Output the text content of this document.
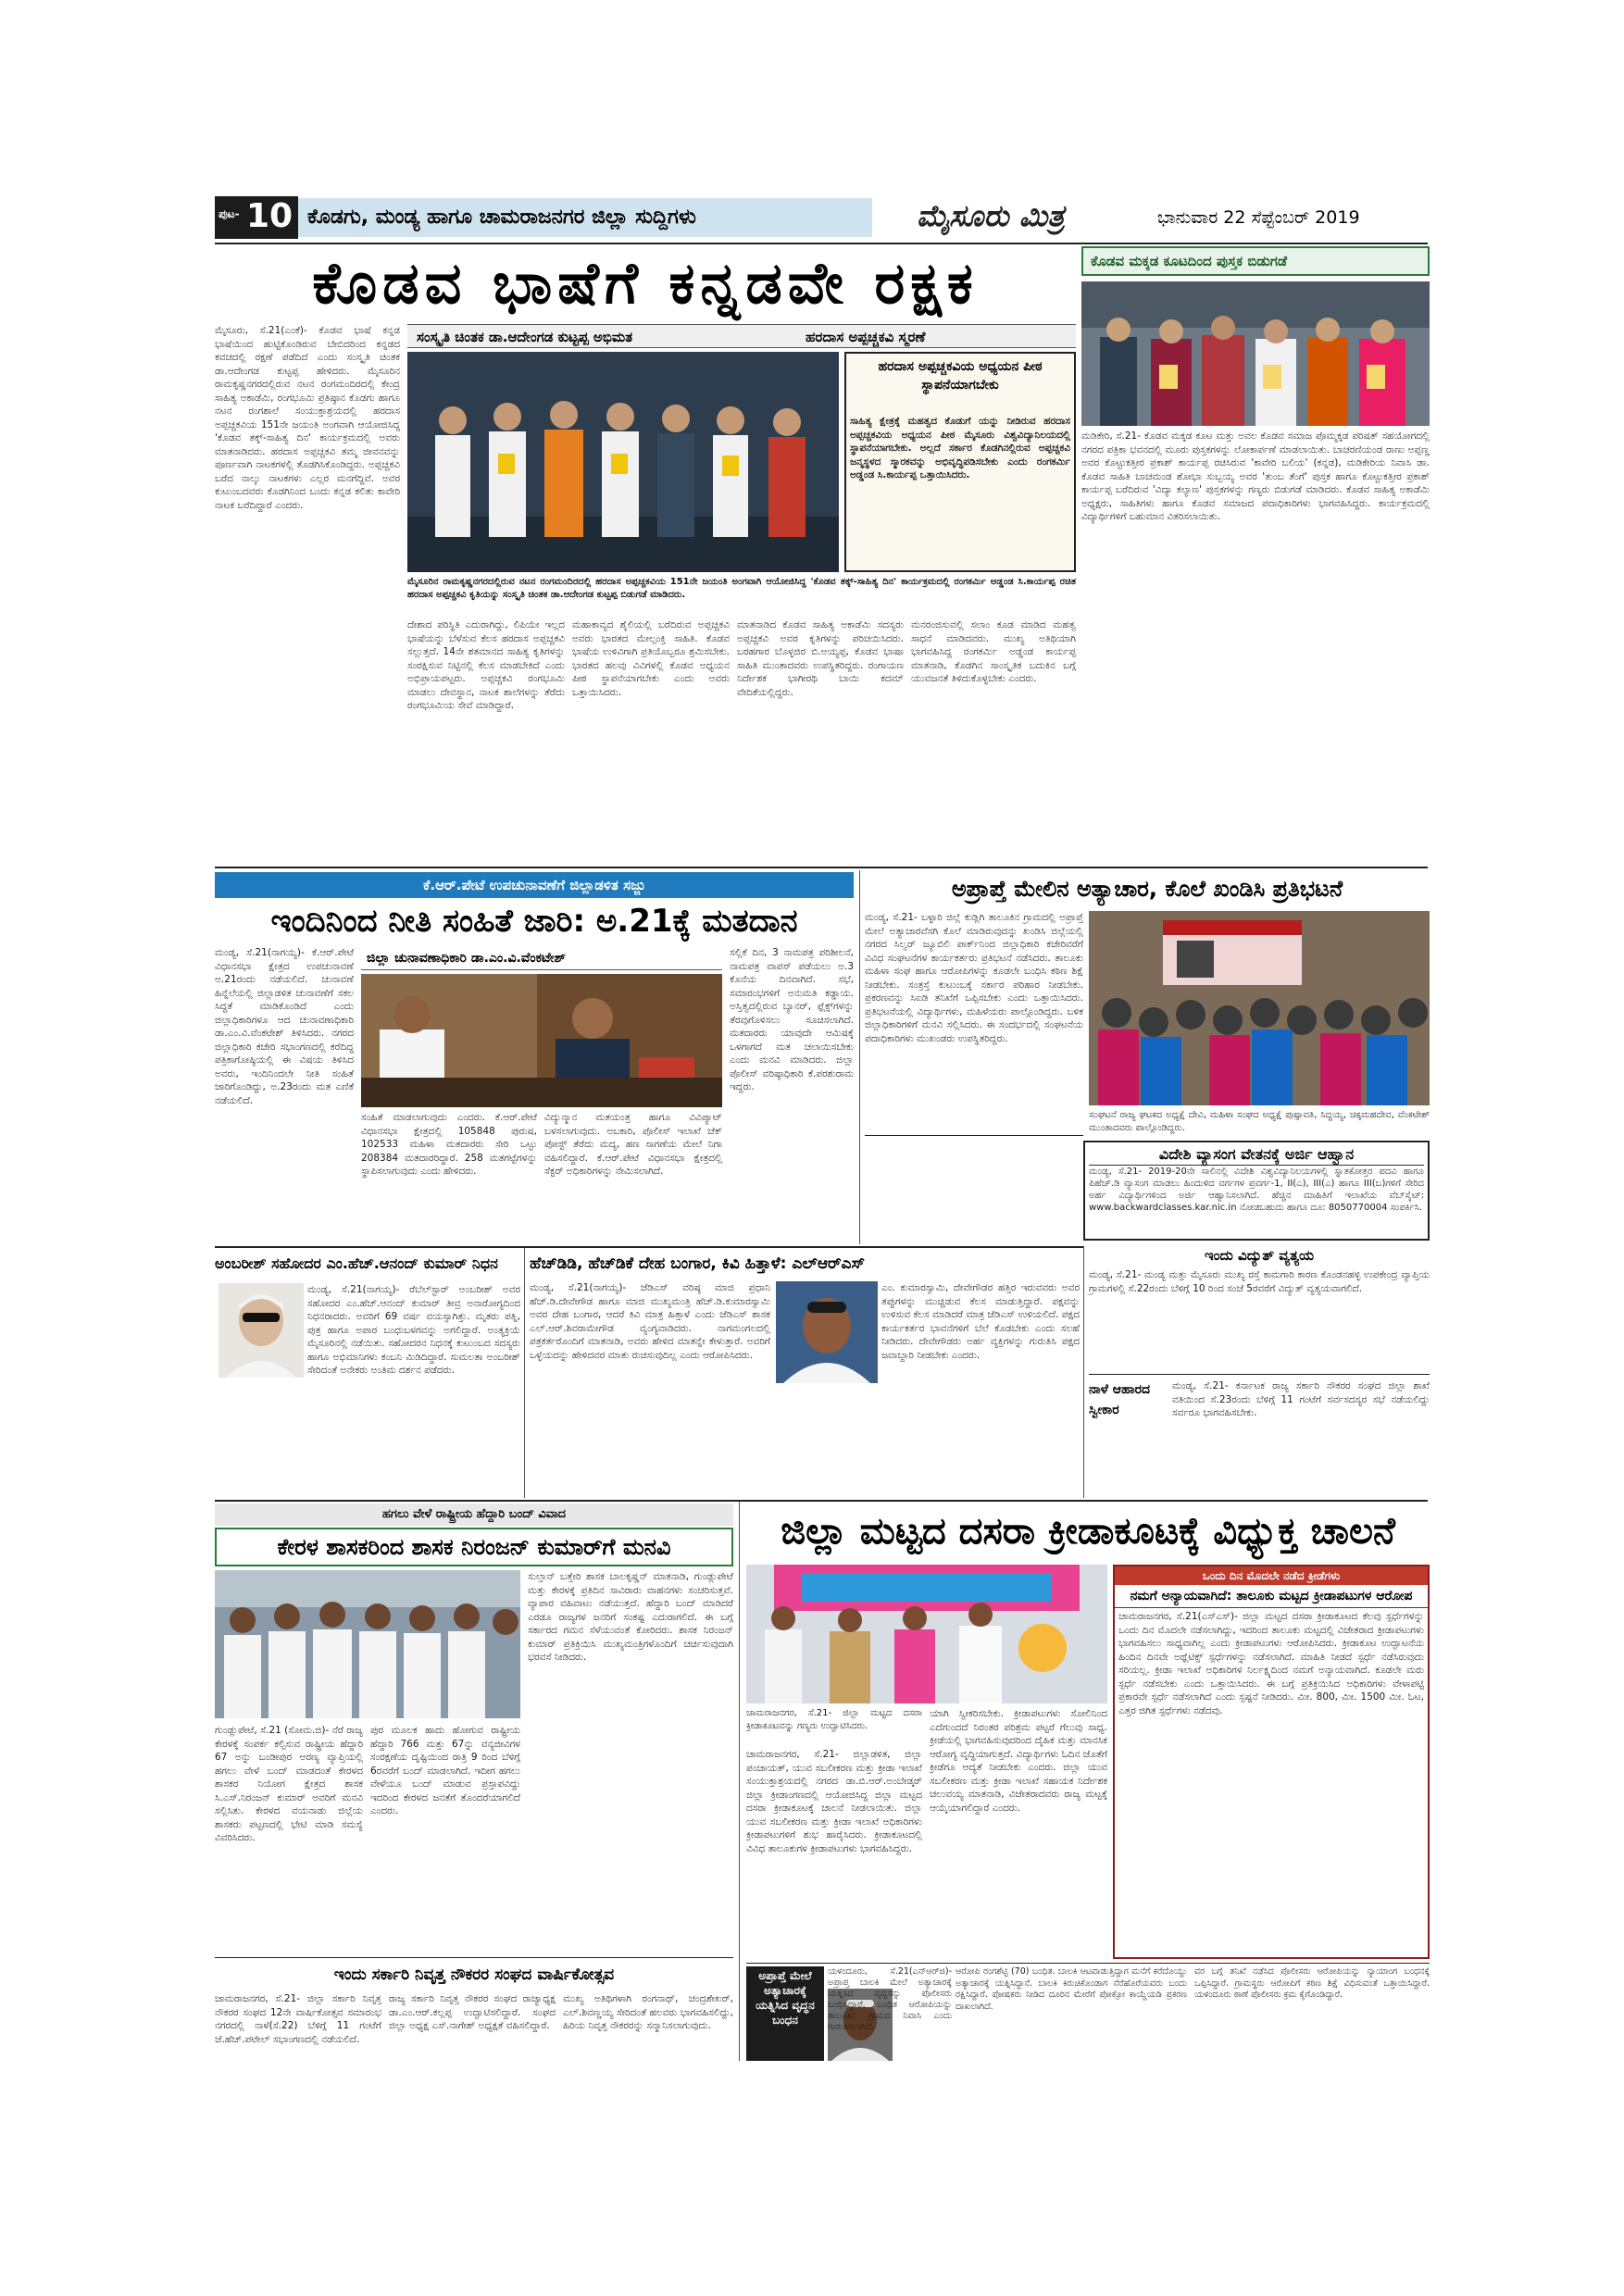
ಪುಟ- 10 ಕೊಡಗು, ಮಂಡ್ಯ ಹಾಗೂ ಚಾಮರಾಜನಗರ ಜಿಲ್ಲಾ ಸುದ್ದಿಗಳು	ಮೈಸೂರು ಮಿತ್ರ	ಭಾನುವಾರ 22 ಸೆಪ್ಟೆಂಬರ್ 2019
ಕೊಡವ ಭಾಷೆಗೆ ಕನ್ನಡವೇ ರಕ್ಷಕ	ಕೊಡವ ಮಕ್ಕಡ ಕೂಟದಿಂದ ಪುಸ್ತಕ ಬಿಡುಗಡೆ
ಮಡಿಕೇರಿ, ಸೆ.21- ಕೊಡವ ಮಕ್ಕಡ ಕೂಟ ಮತ್ತು ಅವಲ ಕೊಡವ ಸಮಾಜ ಪೊಮ್ಮಕ್ಕಡ ಪರಿಷತ್ ಸಹಯೋಗದಲ್ಲಿ ನಗರದ ಪತ್ರಿಕಾ ಭವನದಲ್ಲಿ ಮೂರು ಪುಸ್ತಕಗಳನ್ನು ಲೋಕಾರ್ಪಣೆ ಮಾಡಲಾಯಿತು. ಬಾಚರಣಿಯಂಡ ರಾಣು ಅಪ್ಪಣ್ಣ ಅವರ ಕೊಟ್ಟುಕತ್ತೀರ ಪ್ರಕಾಶ್ ಕಾರ್ಯಪ್ಪ ರಚಿಸಿರುವ 'ಕಾವೇರಿ ಬಲಿಯ' (ಕನ್ನಡ), ಮಡಿಕೇರಿಯ ನಿವಾಸಿ ಡಾ. ಕೊಡವ ಸಾಹಿತಿ ಬಾಚಮಂಡ ಶೋಭಾ ಸುಬ್ಬಯ್ಯ ಅವರ 'ತುಂಬ ತೆಂಗೆ' ಪುಸ್ತಕ ಹಾಗೂ ಕೊಟ್ಟುಕತ್ತೀರ ಪ್ರಕಾಶ್ ಕಾರ್ಯಪ್ಪ ಬರೆದಿರುವ 'ವಿದ್ಯಾ ಕಲ್ಯಾಣ' ಪುಸ್ತಕಗಳನ್ನು ಗಣ್ಯರು ಬಿಡುಗಡೆ ಮಾಡಿದರು. ಕೊಡವ ಸಾಹಿತ್ಯ ಅಕಾಡೆಮಿ ಅಧ್ಯಕ್ಷರು, ಸಾಹಿತಿಗಳು ಹಾಗೂ ಕೊಡವ ಸಮಾಜದ ಪದಾಧಿಕಾರಿಗಳು ಭಾಗವಹಿಸಿದ್ದರು. ಕಾರ್ಯಕ್ರಮದಲ್ಲಿ ವಿದ್ಯಾರ್ಥಿಗಳಿಗೆ ಬಹುಮಾನ ವಿತರಿಸಲಾಯಿತು.
ಸಂಸ್ಕೃತಿ ಚಿಂತಕ ಡಾ.ಆದೇಂಗಡ ಕುಟ್ಟಪ್ಪ ಅಭಿಮತ	ಹರದಾಸ ಅಪ್ಪಚ್ಚಕವಿ ಸ್ಮರಣೆ
ಮೈಸೂರು, ಸೆ.21(ಎಂಕೆ)- ಕೊಡವ ಭಾಷೆ ಕನ್ನಡ ಭಾಷೆಯಿಂದ ಹುಟ್ಟಿಕೊಂಡಿರುವ ಬೇಬಿದರಿಂದ ಕನ್ನಡದ ಕವಚದಲ್ಲಿ ರಕ್ಷಣೆ ಪಡೆದಿದೆ ಎಂದು ಸಂಸ್ಕೃತಿ ಚಿಂತಕ ಡಾ.ಆದೇಂಗಡ ಕುಟ್ಟಪ್ಪ ಹೇಳಿದರು. ಮೈಸೂರಿನ ರಾಮಕೃಷ್ಣನಗರದಲ್ಲಿರುವ ನಟನ ರಂಗಮಂದಿರದಲ್ಲಿ ಕೇಂದ್ರ ಸಾಹಿತ್ಯ ಅಕಾಡೆಮಿ, ರಂಗಭೂಮಿ ಪ್ರತಿಷ್ಠಾನ ಕೊಡಗು ಹಾಗೂ ನಟನ ರಂಗಶಾಲೆ ಸಂಯುಕ್ತಾಶ್ರಯದಲ್ಲಿ ಹರದಾಸ ಅಪ್ಪಚ್ಚಕವಿಯ 151ನೇ ಜಯಂತಿ ಅಂಗವಾಗಿ ಆಯೋಜಿಸಿದ್ದ 'ಕೊಡವ ತಕ್ಕ್-ಸಾಹಿತ್ಯ ದಿನ' ಕಾರ್ಯಕ್ರಮದಲ್ಲಿ ಅವರು ಮಾತನಾಡಿದರು. ಹರದಾಸ ಅಪ್ಪಚ್ಚಕವಿ ತಮ್ಮ ಜೀವನವನ್ನು ಪೂರ್ಣವಾಗಿ ನಾಟಕಗಳಲ್ಲಿ ತೊಡಗಿಸಿಕೊಂಡಿದ್ದರು. ಅಪ್ಪಚ್ಚಕವಿ ಬರೆದ ನಾಲ್ಕು ನಾಟಕಗಳು ಎಲ್ಲರ ಮನಗೆದ್ದಿವೆ. ಅವರ ಕುಟುಂಬದವರು ಕೊಡಗಿನಿಂದ ಬಂದು ಕನ್ನಡ ಕಲಿತು ಕಾವೇರಿ ನಾಟಕ ಬರೆದಿದ್ದಾರೆ ಎಂದರು.
ಹರದಾಸ ಅಪ್ಪಚ್ಚಕವಿಯ ಅಧ್ಯಯನ ಪೀಠ ಸ್ಥಾಪನೆಯಾಗಬೇಕು
ಸಾಹಿತ್ಯ ಕ್ಷೇತ್ರಕ್ಕೆ ಮಹತ್ವದ ಕೊಡುಗೆ ಯನ್ನು ನೀಡಿರುವ ಹರದಾಸ ಅಪ್ಪಚ್ಚಕವಿಯ ಅಧ್ಯಯನ ಪೀಠ ಮೈಸೂರು ವಿಶ್ವವಿದ್ಯಾನಿಲಯದಲ್ಲಿ ಸ್ಥಾಪನೆಯಾಗಬೇಕು. ಅಲ್ಲದೆ ಸರ್ಕಾರ ಕೊಡಗಿನಲ್ಲಿರುವ ಅಪ್ಪಚ್ಚಕವಿ ಜನ್ಮಸ್ಥಳದ ಸ್ಮಾರಕವನ್ನು ಅಭಿವೃದ್ಧಿಪಡಿಸಬೇಕು ಎಂದು ರಂಗಕರ್ಮಿ ಅಡ್ಡಂಡ ಸಿ.ಕಾರ್ಯಪ್ಪ ಒತ್ತಾಯಿಸಿದರು.
ಮೈಸೂರಿನ ರಾಮಕೃಷ್ಣನಗರದಲ್ಲಿರುವ ನಟನ ರಂಗಮಂದಿರದಲ್ಲಿ ಹರದಾಸ ಅಪ್ಪಚ್ಚಕವಿಯ 151ನೇ ಜಯಂತಿ ಅಂಗವಾಗಿ ಆಯೋಜಿಸಿದ್ದ 'ಕೊಡವ ತಕ್ಕ್-ಸಾಹಿತ್ಯ ದಿನ' ಕಾರ್ಯಕ್ರಮದಲ್ಲಿ ರಂಗಕರ್ಮಿ ಅಡ್ಡಂಡ ಸಿ.ಕಾರ್ಯಪ್ಪ ರಚಿತ ಹರದಾಸ ಅಪ್ಪಚ್ಚಕವಿ ಕೃತಿಯನ್ನು ಸಂಸ್ಕೃತಿ ಚಿಂತಕ ಡಾ.ಆದೇಂಗಡ ಕುಟ್ಟಪ್ಪ ಬಿಡುಗಡೆ ಮಾಡಿದರು.
ದೇಶಾದ ಪರಿಸ್ಥಿತಿ ಎದುರಾಗಿದ್ದು, ಲಿಪಿಯೇ ಇಲ್ಲದ ಭಾಷೆಯನ್ನು ಬೆಳೆಸುವ ಕೆಲಸ ಹರದಾಸ ಅಪ್ಪಚ್ಚಕವಿ ಸಲ್ಲುತ್ತದೆ. 14ನೇ ಶತಮಾನದ ಸಾಹಿತ್ಯ ಕೃತಿಗಳನ್ನು ಸಂರಕ್ಷಿಸುವ ನಿಟ್ಟಿನಲ್ಲಿ ಕೆಲಸ ಮಾಡಬೇಕಿದೆ ಎಂದು ಅಭಿಪ್ರಾಯಪಟ್ಟರು. ಅಪ್ಪಚ್ಚಕವಿ ರಂಗಭೂಮಿ ಮಾಡಲು ದೇವಸ್ಥಾನ, ನಾಟಕ ಶಾಲೆಗಳನ್ನು ತೆರೆದು ರಂಗಭೂಮಿಯ ಸೇವೆ ಮಾಡಿದ್ದಾರೆ.
ಮಹಾಕಾವ್ಯದ ಶೈಲಿಯಲ್ಲಿ ಬರೆದಿರುವ ಅಪ್ಪಚ್ಚಕವಿ ಅವರು ಭಾರತದ ಮೇಲ್ಪಂಕ್ತಿ ಸಾಹಿತಿ. ಕೊಡವ ಭಾಷೆಯ ಉಳಿವಿಗಾಗಿ ಪ್ರತಿಯೊಬ್ಬರೂ ಶ್ರಮಿಸಬೇಕು. ಭಾರತದ ಹಲವು ವಿವಿಗಳಲ್ಲಿ ಕೊಡವ ಅಧ್ಯಯನ ಪೀಠ ಸ್ಥಾಪನೆಯಾಗಬೇಕು ಎಂದು ಅವರು ಒತ್ತಾಯಿಸಿದರು.
ಮಾತನಾಡಿದ ಕೊಡವ ಸಾಹಿತ್ಯ ಅಕಾಡೆಮಿ ಸದಸ್ಯರು ಅಪ್ಪಚ್ಚಕವಿ ಅವರ ಕೃತಿಗಳನ್ನು ಪರಿಚಯಿಸಿದರು. ಬರಹಗಾರ ಬೊಳ್ಳಜಿರ ಬಿ.ಅಯ್ಯಪ್ಪ, ಕೊಡವ ಭಾಷಾ ಸಾಹಿತಿ ಮುಂತಾದವರು ಉಪಸ್ಥಿತರಿದ್ದರು. ರಂಗಾಯಣ ನಿರ್ದೇಶಕ ಭಾಗೀರಥಿ ಬಾಯಿ ಕದಮ್ ವೇದಿಕೆಯಲ್ಲಿದ್ದರು.
ಮನರಂಜಿಸುವಲ್ಲಿ ಸಲಾಂ ಕೂಡ ಮಾಡಿದ ಮಹತ್ವ ಸಾಧನೆ ಮಾಡಿದವರು. ಮುಖ್ಯ ಅತಿಥಿಯಾಗಿ ಭಾಗವಹಿಸಿದ್ದ ರಂಗಕರ್ಮಿ ಅಡ್ಡಂಡ ಕಾರ್ಯಪ್ಪ ಮಾತನಾಡಿ, ಕೊಡಗಿನ ಸಾಂಸ್ಕೃತಿಕ ಬದುಕಿನ ಬಗ್ಗೆ ಯುವಜನತೆ ತಿಳಿದುಕೊಳ್ಳಬೇಕು ಎಂದರು.
ಕೆ.ಆರ್.ಪೇಟೆ ಉಪಚುನಾವಣೆಗೆ ಜಿಲ್ಲಾಡಳಿತ ಸಜ್ಜು
ಇಂದಿನಿಂದ ನೀತಿ ಸಂಹಿತೆ ಜಾರಿ: ಅ.21ಕ್ಕೆ ಮತದಾನ
ಮಂಡ್ಯ, ಸೆ.21(ನಾಗಯ್ಯ)- ಕೆ.ಆರ್.ಪೇಟೆ ವಿಧಾನಸಭಾ ಕ್ಷೇತ್ರದ ಉಪಚುನಾವಣೆ ಅ.21ರಂದು ನಡೆಯಲಿದೆ. ಚುನಾವಣೆ ಹಿನ್ನೆಲೆಯಲ್ಲಿ ಜಿಲ್ಲಾಡಳಿತ ಚುನಾವಣೆಗೆ ಸಕಲ ಸಿದ್ಧತೆ ಮಾಡಿಕೊಂಡಿದೆ ಎಂದು ಜಿಲ್ಲಾಧಿಕಾರಿಗಳೂ ಆದ ಚುನಾವಣಾಧಿಕಾರಿ ಡಾ.ಎಂ.ವಿ.ವೆಂಕಟೇಶ್ ತಿಳಿಸಿದರು. ನಗರದ ಜಿಲ್ಲಾಧಿಕಾರಿ ಕಚೇರಿ ಸಭಾಂಗಣದಲ್ಲಿ ಕರೆದಿದ್ದ ಪತ್ರಿಕಾಗೋಷ್ಠಿಯಲ್ಲಿ ಈ ವಿಷಯ ತಿಳಿಸಿದ ಅವರು, ಇಂದಿನಿಂದಲೇ ನೀತಿ ಸಂಹಿತೆ ಜಾರಿಗೊಂಡಿದ್ದು, ಅ.23ರಂದು ಮತ ಎಣಿಕೆ ನಡೆಯಲಿದೆ.
ಜಿಲ್ಲಾ ಚುನಾವಣಾಧಿಕಾರಿ ಡಾ.ಎಂ.ವಿ.ವೆಂಕಟೇಶ್
ಸಂಹಿತೆ ಮಾಡಲಾಗುವುದು ಎಂದರು. ಕೆ.ಆರ್.ಪೇಟೆ ವಿಧಾನಸಭಾ ಕ್ಷೇತ್ರದಲ್ಲಿ 105848 ಪುರುಷ, 102533 ಮಹಿಳಾ ಮತದಾರರು ಸೇರಿ ಒಟ್ಟು 208384 ಮತದಾರರಿದ್ದಾರೆ. 258 ಮತಗಟ್ಟೆಗಳನ್ನು ಸ್ಥಾಪಿಸಲಾಗುವುದು ಎಂದು ಹೇಳಿದರು.
ವಿದ್ಯುನ್ಮಾನ ಮತಯಂತ್ರ ಹಾಗೂ ವಿವಿಪ್ಯಾಟ್ ಬಳಸಲಾಗುವುದು. ಅಬಕಾರಿ, ಪೊಲೀಸ್ ಇಲಾಖೆ ಚೆಕ್ ಪೋಸ್ಟ್ ತೆರೆದು ಮದ್ಯ, ಹಣ ಸಾಗಣೆಯ ಮೇಲೆ ನಿಗಾ ವಹಿಸಲಿದ್ದಾರೆ. ಕೆ.ಆರ್.ಪೇಟೆ ವಿಧಾನಸಭಾ ಕ್ಷೇತ್ರದಲ್ಲಿ ಸೆಕ್ಟರ್ ಅಧಿಕಾರಿಗಳನ್ನು ನೇಮಿಸಲಾಗಿದೆ.
ಸಲ್ಲಿಕೆ ದಿನ, 3 ನಾಮಪತ್ರ ಪರಿಶೀಲನೆ, ನಾಮಪತ್ರ ವಾಪಸ್ ಪಡೆಯಲು ಅ.3 ಕೊನೆಯ ದಿನವಾಗಿದೆ. ಸಭೆ, ಸಮಾರಂಭಗಳಿಗೆ ಅನುಮತಿ ಕಡ್ಡಾಯ. ಅಸ್ತಿತ್ವದಲ್ಲಿರುವ ಬ್ಯಾನರ್, ಫ್ಲೆಕ್ಸ್‌ಗಳನ್ನು ತೆರವುಗೊಳಿಸಲು ಸೂಚಿಸಲಾಗಿದೆ. ಮತದಾರರು ಯಾವುದೇ ಆಮಿಷಕ್ಕೆ ಒಳಗಾಗದೆ ಮತ ಚಲಾಯಿಸಬೇಕು ಎಂದು ಮನವಿ ಮಾಡಿದರು. ಜಿಲ್ಲಾ ಪೊಲೀಸ್ ವರಿಷ್ಠಾಧಿಕಾರಿ ಕೆ.ಪರಶುರಾಮ ಇದ್ದರು.
ಅಪ್ರಾಪ್ತೆ ಮೇಲಿನ ಅತ್ಯಾಚಾರ, ಕೊಲೆ ಖಂಡಿಸಿ ಪ್ರತಿಭಟನೆ
ಮಂಡ್ಯ, ಸೆ.21- ಬಳ್ಳಾರಿ ಜಿಲ್ಲೆ ಕುಡ್ಲಿಗಿ ತಾಲೂಕಿನ ಗ್ರಾಮದಲ್ಲಿ ಅಪ್ರಾಪ್ತೆ ಮೇಲೆ ಅತ್ಯಾಚಾರವೆಸಗಿ ಕೊಲೆ ಮಾಡಿರುವುದನ್ನು ಖಂಡಿಸಿ ಜಿಲ್ಲೆಯಲ್ಲಿ ನಗರದ ಸಿಲ್ವರ್ ಜ್ಯೂಬಿಲಿ ಪಾರ್ಕ್‌ನಿಂದ ಜಿಲ್ಲಾಧಿಕಾರಿ ಕಚೇರಿವರೆಗೆ ವಿವಿಧ ಸಂಘಟನೆಗಳ ಕಾರ್ಯಕರ್ತರು ಪ್ರತಿಭಟನೆ ನಡೆಸಿದರು. ತಾಲೂಕು ಮಹಿಳಾ ಸಂಘ ಹಾಗೂ ಆರೋಪಿಗಳನ್ನು ಕೂಡಲೇ ಬಂಧಿಸಿ ಕಠಿಣ ಶಿಕ್ಷೆ ನೀಡಬೇಕು. ಸಂತ್ರಸ್ತೆ ಕುಟುಂಬಕ್ಕೆ ಸರ್ಕಾರ ಪರಿಹಾರ ನೀಡಬೇಕು. ಪ್ರಕರಣವನ್ನು ಸಿಐಡಿ ತನಿಖೆಗೆ ಒಪ್ಪಿಸಬೇಕು ಎಂದು ಒತ್ತಾಯಿಸಿದರು. ಪ್ರತಿಭಟನೆಯಲ್ಲಿ ವಿದ್ಯಾರ್ಥಿಗಳು, ಮಹಿಳೆಯರು ಪಾಲ್ಗೊಂಡಿದ್ದರು. ಬಳಿಕ ಜಿಲ್ಲಾಧಿಕಾರಿಗಳಿಗೆ ಮನವಿ ಸಲ್ಲಿಸಿದರು. ಈ ಸಂದರ್ಭದಲ್ಲಿ ಸಂಘಟನೆಯ ಪದಾಧಿಕಾರಿಗಳು ಮುಖಂಡರು ಉಪಸ್ಥಿತರಿದ್ದರು.
ಸಂಘಟನೆ ರಾಜ್ಯ ಘಟಕದ ಅಧ್ಯಕ್ಷೆ ದೇವಿ, ಮಹಿಳಾ ಸಂಘದ ಅಧ್ಯಕ್ಷೆ ಪುಷ್ಪಾವತಿ, ಸಿದ್ದಯ್ಯ, ಚಿಕ್ಕಮಹದೇವ, ವೆಂಕಟೇಶ್ ಮುಂತಾದವರು ಪಾಲ್ಗೊಂಡಿದ್ದರು.
ವಿದೇಶಿ ವ್ಯಾಸಂಗ ವೇತನಕ್ಕೆ ಅರ್ಜಿ ಆಹ್ವಾನ
ಮಂಡ್ಯ, ಸೆ.21- 2019-20ನೇ ಸಾಲಿನಲ್ಲಿ ವಿದೇಶಿ ವಿಶ್ವವಿದ್ಯಾನಿಲಯಗಳಲ್ಲಿ ಸ್ನಾತಕೋತ್ತರ ಪದವಿ ಹಾಗೂ ಪಿಹೆಚ್.ಡಿ ವ್ಯಾಸಂಗ ಮಾಡಲು ಹಿಂದುಳಿದ ವರ್ಗಗಳ ಪ್ರವರ್ಗ-1, II(ಎ), III(ಎ) ಹಾಗೂ III(ಬ)ಗಳಿಗೆ ಸೇರಿದ ಅರ್ಹ ವಿದ್ಯಾರ್ಥಿಗಳಿಂದ ಅರ್ಜಿ ಆಹ್ವಾನಿಸಲಾಗಿದೆ. ಹೆಚ್ಚಿನ ಮಾಹಿತಿಗೆ ಇಲಾಖೆಯ ವೆಬ್‌ಸೈಟ್: www.backwardclasses.kar.nic.in ನೋಡಬಹುದು ಹಾಗೂ ದೂ: 8050770004 ಸಂಪರ್ಕಿಸಿ.
ಅಂಬರೀಶ್ ಸಹೋದರ ಎಂ.ಹೆಚ್.ಆನಂದ್ ಕುಮಾರ್ ನಿಧನ
ಮಂಡ್ಯ, ಸೆ.21(ನಾಗಯ್ಯ)- ರೆಬೆಲ್‌ಸ್ಟಾರ್ ಅಂಬರೀಶ್ ಅವರ ಸಹೋದರ ಎಂ.ಹೆಚ್.ಆನಂದ್ ಕುಮಾರ್ ತೀವ್ರ ಅನಾರೋಗ್ಯದಿಂದ ನಿಧನರಾದರು. ಅವರಿಗೆ 69 ವರ್ಷ ವಯಸ್ಸಾಗಿತ್ತು. ಮೃತರು ಪತ್ನಿ, ಪುತ್ರ ಹಾಗೂ ಅಪಾರ ಬಂಧುಬಳಗವನ್ನು ಅಗಲಿದ್ದಾರೆ. ಅಂತ್ಯಕ್ರಿಯೆ ಮೈಸೂರಿನಲ್ಲಿ ನಡೆಯಿತು. ಸಹೋದರನ ನಿಧನಕ್ಕೆ ಕುಟುಂಬದ ಸದಸ್ಯರು ಹಾಗೂ ಅಭಿಮಾನಿಗಳು ಕಂಬನಿ ಮಿಡಿದಿದ್ದಾರೆ. ಸುಮಲತಾ ಅಂಬರೀಶ್ ಸೇರಿದಂತೆ ಅನೇಕರು ಅಂತಿಮ ದರ್ಶನ ಪಡೆದರು.
ಹೆಚ್‌ಡಿಡಿ, ಹೆಚ್‌ಡಿಕೆ ದೇಹ ಬಂಗಾರ, ಕಿವಿ ಹಿತ್ತಾಳೆ: ಎಲ್‌ಆರ್‌ಎಸ್
ಮಂಡ್ಯ, ಸೆ.21(ನಾಗಯ್ಯ)- ಜೆಡಿಎಸ್ ವರಿಷ್ಠ ಮಾಜಿ ಪ್ರಧಾನಿ ಹೆಚ್.ಡಿ.ದೇವೇಗೌಡ ಹಾಗೂ ಮಾಜಿ ಮುಖ್ಯಮಂತ್ರಿ ಹೆಚ್.ಡಿ.ಕುಮಾರಸ್ವಾಮಿ ಅವರ ದೇಹ ಬಂಗಾರ, ಆದರೆ ಕಿವಿ ಮಾತ್ರ ಹಿತ್ತಾಳೆ ಎಂದು ಜೆಡಿಎಸ್ ಶಾಸಕ ಎಲ್.ಆರ್.ಶಿವರಾಮೇಗೌಡ ವ್ಯಂಗ್ಯವಾಡಿದರು. ನಾಗಮಂಗಲದಲ್ಲಿ ಪತ್ರಕರ್ತರೊಂದಿಗೆ ಮಾತನಾಡಿ, ಅವರು ಹೇಳಿದ ಮಾತನ್ನೇ ಕೇಳುತ್ತಾರೆ. ಅವರಿಗೆ ಒಳ್ಳೆಯದನ್ನು ಹೇಳಿದವರ ಮಾತು ರುಚಿಸುವುದಿಲ್ಲ ಎಂದು ಆರೋಪಿಸಿದರು.
ಎಂ. ಕುಮಾರಸ್ವಾಮಿ, ದೇವೇಗೌಡರ ಹತ್ತಿರ ಇರುವವರು ಅವರ ತಪ್ಪುಗಳನ್ನು ಮುಚ್ಚಿಡುವ ಕೆಲಸ ಮಾಡುತ್ತಿದ್ದಾರೆ. ಪಕ್ಷವನ್ನು ಉಳಿಸುವ ಕೆಲಸ ಮಾಡಿದರೆ ಮಾತ್ರ ಜೆಡಿಎಸ್ ಉಳಿಯಲಿದೆ. ಪಕ್ಷದ ಕಾರ್ಯಕರ್ತರ ಭಾವನೆಗಳಿಗೆ ಬೆಲೆ ಕೊಡಬೇಕು ಎಂದು ಸಲಹೆ ನೀಡಿದರು. ದೇವೇಗೌಡರು ಅರ್ಹ ವ್ಯಕ್ತಿಗಳನ್ನು ಗುರುತಿಸಿ ಪಕ್ಷದ ಜವಾಬ್ದಾರಿ ನೀಡಬೇಕು ಎಂದರು.
ಇಂದು ವಿದ್ಯುತ್ ವ್ಯತ್ಯಯ
ಮಂಡ್ಯ, ಸೆ.21- ಮಂಡ್ಯ ಮತ್ತು ಮೈಸೂರು ಮುಖ್ಯ ರಸ್ತೆ ಕಾಮಗಾರಿ ಕಾರಣ ಕೊಂಡನಹಳ್ಳಿ ಉಪಕೇಂದ್ರ ವ್ಯಾಪ್ತಿಯ ಗ್ರಾಮಗಳಲ್ಲಿ ಸೆ.22ರಂದು ಬೆಳಿಗ್ಗೆ 10 ರಿಂದ ಸಂಜೆ 5ರವರೆಗೆ ವಿದ್ಯುತ್ ವ್ಯತ್ಯಯವಾಗಲಿದೆ.
ನಾಳೆ ಆಹಾರದ ಸ್ವೀಕಾರ
ಮಂಡ್ಯ, ಸೆ.21- ಕರ್ನಾಟಕ ರಾಜ್ಯ ಸರ್ಕಾರಿ ನೌಕರರ ಸಂಘದ ಜಿಲ್ಲಾ ಶಾಖೆ ವತಿಯಿಂದ ಸೆ.23ರಂದು ಬೆಳಿಗ್ಗೆ 11 ಗಂಟೆಗೆ ಸರ್ವಸದಸ್ಯರ ಸಭೆ ನಡೆಯಲಿದ್ದು ಸರ್ವರೂ ಭಾಗವಹಿಸಬೇಕು.
ಹಗಲು ವೇಳೆ ರಾಷ್ಟ್ರೀಯ ಹೆದ್ದಾರಿ ಬಂದ್ ವಿವಾದ
ಕೇರಳ ಶಾಸಕರಿಂದ ಶಾಸಕ ನಿರಂಜನ್ ಕುಮಾರ್‌ಗೆ ಮನವಿ
ಸುಲ್ತಾನ್ ಬತ್ತೇರಿ ಶಾಸಕ ಬಾಲಕೃಷ್ಣನ್ ಮಾತನಾಡಿ, ಗುಂಡ್ಲುಪೇಟೆ ಮತ್ತು ಕೇರಳಕ್ಕೆ ಪ್ರತಿದಿನ ಸಾವಿರಾರು ವಾಹನಗಳು ಸಂಚರಿಸುತ್ತವೆ. ವ್ಯಾಪಾರ ವಹಿವಾಟು ನಡೆಯುತ್ತದೆ. ಹೆದ್ದಾರಿ ಬಂದ್ ಮಾಡಿದರೆ ಎರಡೂ ರಾಜ್ಯಗಳ ಜನರಿಗೆ ಸಂಕಷ್ಟ ಎದುರಾಗಲಿದೆ. ಈ ಬಗ್ಗೆ ಸರ್ಕಾರದ ಗಮನ ಸೆಳೆಯುವಂತೆ ಕೋರಿದರು. ಶಾಸಕ ನಿರಂಜನ್ ಕುಮಾರ್ ಪ್ರತಿಕ್ರಿಯಿಸಿ ಮುಖ್ಯಮಂತ್ರಿಗಳೊಂದಿಗೆ ಚರ್ಚಿಸುವುದಾಗಿ ಭರವಸೆ ನೀಡಿದರು.
ಗುಂಡ್ಲುಪೇಟೆ, ಸೆ.21 (ಸೋಮ.ಜಿ)- ನೆರೆ ರಾಜ್ಯ ಕೇರಳಕ್ಕೆ ಸಂಪರ್ಕ ಕಲ್ಪಿಸುವ ರಾಷ್ಟ್ರೀಯ ಹೆದ್ದಾರಿ 67 ಅನ್ನು ಬಂಡೀಪುರ ಅರಣ್ಯ ವ್ಯಾಪ್ತಿಯಲ್ಲಿ ಹಗಲು ವೇಳೆ ಬಂದ್ ಮಾಡದಂತೆ ಕೇರಳದ ಶಾಸಕರ ನಿಯೋಗ ಕ್ಷೇತ್ರದ ಶಾಸಕ ಸಿ.ಎಸ್.ನಿರಂಜನ್ ಕುಮಾರ್ ಅವರಿಗೆ ಮನವಿ ಸಲ್ಲಿಸಿತು. ಕೇರಳದ ವಯನಾಡು ಜಿಲ್ಲೆಯ ಶಾಸಕರು ಪಟ್ಟಣದಲ್ಲಿ ಭೇಟಿ ಮಾಡಿ ಸಮಸ್ಯೆ ವಿವರಿಸಿದರು.
ಪುರ ಮೂಲಕ ಹಾದು ಹೋಗುವ ರಾಷ್ಟ್ರೀಯ ಹೆದ್ದಾರಿ 766 ಮತ್ತು 67ನ್ನು ವನ್ಯಜೀವಿಗಳ ಸಂರಕ್ಷಣೆಯ ದೃಷ್ಟಿಯಿಂದ ರಾತ್ರಿ 9 ರಿಂದ ಬೆಳಿಗ್ಗೆ 6ರವರೆಗೆ ಬಂದ್ ಮಾಡಲಾಗಿದೆ. ಇದೀಗ ಹಗಲು ವೇಳೆಯೂ ಬಂದ್ ಮಾಡುವ ಪ್ರಸ್ತಾಪವಿದ್ದು ಇದರಿಂದ ಕೇರಳದ ಜನತೆಗೆ ತೊಂದರೆಯಾಗಲಿದೆ ಎಂದರು.
ಇಂದು ಸರ್ಕಾರಿ ನಿವೃತ್ತ ನೌಕರರ ಸಂಘದ ವಾರ್ಷಿಕೋತ್ಸವ
ಚಾಮರಾಜನಗರ, ಸೆ.21- ಜಿಲ್ಲಾ ಸರ್ಕಾರಿ ನಿವೃತ್ತ ನೌಕರರ ಸಂಘದ 12ನೇ ವಾರ್ಷಿಕೋತ್ಸವ ಸಮಾರಂಭ ನಗರದಲ್ಲಿ ನಾಳೆ(ಸೆ.22) ಬೆಳಿಗ್ಗೆ 11 ಗಂಟೆಗೆ ಜೆ.ಹೆಚ್.ಪಟೇಲ್ ಸಭಾಂಗಣದಲ್ಲಿ ನಡೆಯಲಿದೆ.
ರಾಜ್ಯ ಸರ್ಕಾರಿ ನಿವೃತ್ತ ನೌಕರರ ಸಂಘದ ರಾಜ್ಯಾಧ್ಯಕ್ಷ ಡಾ.ಎಂ.ಆರ್.ಕಲ್ಲಪ್ಪ ಉದ್ಘಾಟಿಸಲಿದ್ದಾರೆ. ಸಂಘದ ಜಿಲ್ಲಾ ಅಧ್ಯಕ್ಷ ಎಸ್.ನಾಗೇಶ್ ಅಧ್ಯಕ್ಷತೆ ವಹಿಸಲಿದ್ದಾರೆ.
ಮುಖ್ಯ ಅತಿಥಿಗಳಾಗಿ ರಂಗನಾಥ್, ಚಂದ್ರಶೇಖರ್, ಎಲ್.ಶಿವಣ್ಣಯ್ಯ ಸೇರಿದಂತೆ ಹಲವರು ಭಾಗವಹಿಸಲಿದ್ದು, ಹಿರಿಯ ನಿವೃತ್ತ ನೌಕರರನ್ನು ಸನ್ಮಾನಿಸಲಾಗುವುದು.
ಜಿಲ್ಲಾ ಮಟ್ಟದ ದಸರಾ ಕ್ರೀಡಾಕೂಟಕ್ಕೆ ವಿಧ್ಯುಕ್ತ ಚಾಲನೆ
ಚಾಮರಾಜನಗರ, ಸೆ.21- ಜಿಲ್ಲಾ ಮಟ್ಟದ ದಸರಾ ಕ್ರೀಡಾಕೂಟವನ್ನು ಗಣ್ಯರು ಉದ್ಘಾಟಿಸಿದರು.
ಚಾಮರಾಜನಗರ, ಸೆ.21- ಜಿಲ್ಲಾಡಳಿತ, ಜಿಲ್ಲಾ ಪಂಚಾಯತ್, ಯುವ ಸಬಲೀಕರಣ ಮತ್ತು ಕ್ರೀಡಾ ಇಲಾಖೆ ಸಂಯುಕ್ತಾಶ್ರಯದಲ್ಲಿ ನಗರದ ಡಾ.ಬಿ.ಆರ್.ಅಂಬೇಡ್ಕರ್ ಜಿಲ್ಲಾ ಕ್ರೀಡಾಂಗಣದಲ್ಲಿ ಆಯೋಜಿಸಿದ್ದ ಜಿಲ್ಲಾ ಮಟ್ಟದ ದಸರಾ ಕ್ರೀಡಾಕೂಟಕ್ಕೆ ಚಾಲನೆ ನೀಡಲಾಯಿತು. ಜಿಲ್ಲಾ ಯುವ ಸಬಲೀಕರಣ ಮತ್ತು ಕ್ರೀಡಾ ಇಲಾಖೆ ಅಧಿಕಾರಿಗಳು ಕ್ರೀಡಾಪಟುಗಳಿಗೆ ಶುಭ ಹಾರೈಸಿದರು. ಕ್ರೀಡಾಕೂಟದಲ್ಲಿ ವಿವಿಧ ತಾಲೂಕುಗಳ ಕ್ರೀಡಾಪಟುಗಳು ಭಾಗವಹಿಸಿದ್ದರು.
ಯಾಗಿ ಸ್ವೀಕರಿಸಬೇಕು. ಕ್ರೀಡಾಪಟುಗಳು ಸೋಲಿನಿಂದ ಎದೆಗುಂದದೆ ನಿರಂತರ ಪರಿಶ್ರಮ ಪಟ್ಟರೆ ಗೆಲುವು ಸಾಧ್ಯ. ಕ್ರೀಡೆಯಲ್ಲಿ ಭಾಗವಹಿಸುವುದರಿಂದ ದೈಹಿಕ ಮತ್ತು ಮಾನಸಿಕ ಆರೋಗ್ಯ ವೃದ್ಧಿಯಾಗುತ್ತದೆ. ವಿದ್ಯಾರ್ಥಿಗಳು ಓದಿನ ಜೊತೆಗೆ ಕ್ರೀಡೆಗೂ ಆದ್ಯತೆ ನೀಡಬೇಕು ಎಂದರು. ಜಿಲ್ಲಾ ಯುವ ಸಬಲೀಕರಣ ಮತ್ತು ಕ್ರೀಡಾ ಇಲಾಖೆ ಸಹಾಯಕ ನಿರ್ದೇಶಕ ಚಲುವಯ್ಯ ಮಾತನಾಡಿ, ವಿಜೇತರಾದವರು ರಾಜ್ಯ ಮಟ್ಟಕ್ಕೆ ಆಯ್ಕೆಯಾಗಲಿದ್ದಾರೆ ಎಂದರು.
ಒಂದು ದಿನ ಮೊದಲೇ ನಡೆದ ಕ್ರೀಡೆಗಳು
ನಮಗೆ ಅನ್ಯಾಯವಾಗಿದೆ: ತಾಲೂಕು ಮಟ್ಟದ ಕ್ರೀಡಾಪಟುಗಳ ಆರೋಪ
ಚಾಮರಾಜನಗರ, ಸೆ.21(ಎಸ್‌ಎಸ್)- ಜಿಲ್ಲಾ ಮಟ್ಟದ ದಸರಾ ಕ್ರೀಡಾಕೂಟದ ಕೆಲವು ಸ್ಪರ್ಧೆಗಳನ್ನು ಒಂದು ದಿನ ಮೊದಲೇ ನಡೆಸಲಾಗಿದ್ದು, ಇದರಿಂದ ತಾಲೂಕು ಮಟ್ಟದಲ್ಲಿ ವಿಜೇತರಾದ ಕ್ರೀಡಾಪಟುಗಳು ಭಾಗವಹಿಸಲು ಸಾಧ್ಯವಾಗಿಲ್ಲ ಎಂದು ಕ್ರೀಡಾಪಟುಗಳು ಆರೋಪಿಸಿದರು. ಕ್ರೀಡಾಕೂಟ ಉದ್ಘಾಟನೆಯ ಹಿಂದಿನ ದಿನವೇ ಅಥ್ಲೆಟಿಕ್ಸ್ ಸ್ಪರ್ಧೆಗಳನ್ನು ನಡೆಸಲಾಗಿದೆ. ಮಾಹಿತಿ ನೀಡದೆ ಸ್ಪರ್ಧೆ ನಡೆಸಿರುವುದು ಸರಿಯಲ್ಲ. ಕ್ರೀಡಾ ಇಲಾಖೆ ಅಧಿಕಾರಿಗಳ ನಿರ್ಲಕ್ಷ್ಯದಿಂದ ನಮಗೆ ಅನ್ಯಾಯವಾಗಿದೆ. ಕೂಡಲೇ ಮರು ಸ್ಪರ್ಧೆ ನಡೆಸಬೇಕು ಎಂದು ಒತ್ತಾಯಿಸಿದರು. ಈ ಬಗ್ಗೆ ಪ್ರತಿಕ್ರಿಯಿಸಿದ ಅಧಿಕಾರಿಗಳು ವೇಳಾಪಟ್ಟಿ ಪ್ರಕಾರವೇ ಸ್ಪರ್ಧೆ ನಡೆಸಲಾಗಿದೆ ಎಂದು ಸ್ಪಷ್ಟನೆ ನೀಡಿದರು. ಮೀ. 800, ಮೀ. 1500 ಮೀ. ಓಟ, ಎತ್ತರ ಜಿಗಿತ ಸ್ಪರ್ಧೆಗಳು ನಡೆದವು.
ಅಪ್ರಾಪ್ತೆ ಮೇಲೆ ಅತ್ಯಾಚಾರಕ್ಕೆ ಯತ್ನಿಸಿದ ವೃದ್ಧನ ಬಂಧನ
ಯಳಂದೂರು, ಸೆ.21(ಎನ್‌ಆರ್‌ಜಿ)- ಅಪ್ರಾಪ್ತ ಬಾಲಕಿ ಮೇಲೆ ಅತ್ಯಾಚಾರಕ್ಕೆ ಯತ್ನಿಸಿದ ವೃದ್ಧನನ್ನು ಪೊಲೀಸರು ಬಂಧಿಸಿದ್ದಾರೆ. ಬಂಧಿತ ಆರೋಪಿಯನ್ನು ತಾಲೂಕಿನ ಗ್ರಾಮದ ನಿವಾಸಿ ಎಂದು ಗುರುತಿಸಲಾಗಿದೆ.
ಆರೋಪಿ ರಂಗಶೆಟ್ಟಿ (70) ಬಂಧಿತ. ಬಾಲಕಿ ಆಟವಾಡುತ್ತಿದ್ದಾಗ ಮನೆಗೆ ಕರೆದೊಯ್ದು ಅತ್ಯಾಚಾರಕ್ಕೆ ಯತ್ನಿಸಿದ್ದಾನೆ. ಬಾಲಕಿ ಕಿರುಚಿಕೊಂಡಾಗ ನೆರೆಹೊರೆಯವರು ಬಂದು ರಕ್ಷಿಸಿದ್ದಾರೆ. ಪೋಷಕರು ನೀಡಿದ ದೂರಿನ ಮೇರೆಗೆ ಪೋಕ್ಸೋ ಕಾಯ್ದೆಯಡಿ ಪ್ರಕರಣ ದಾಖಲಾಗಿದೆ.
ವರ ಬಗ್ಗೆ ತನಿಖೆ ನಡೆಸಿದ ಪೊಲೀಸರು ಆರೋಪಿಯನ್ನು ನ್ಯಾಯಾಂಗ ಬಂಧನಕ್ಕೆ ಒಪ್ಪಿಸಿದ್ದಾರೆ. ಗ್ರಾಮಸ್ಥರು ಆರೋಪಿಗೆ ಕಠಿಣ ಶಿಕ್ಷೆ ವಿಧಿಸುವಂತೆ ಒತ್ತಾಯಿಸಿದ್ದಾರೆ. ಯಳಂದೂರು ಠಾಣೆ ಪೊಲೀಸರು ಕ್ರಮ ಕೈಗೊಂಡಿದ್ದಾರೆ.
